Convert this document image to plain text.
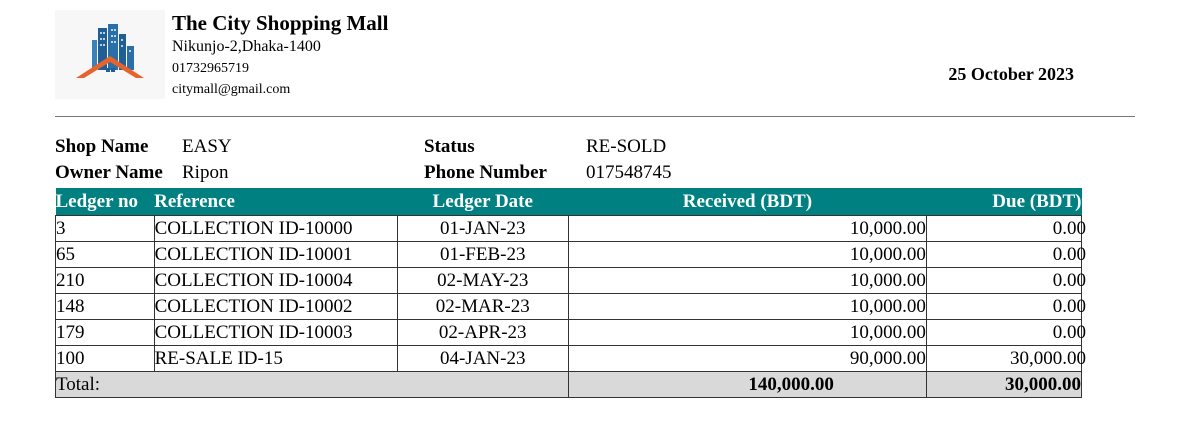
The City Shopping Mall
Nikunjo-2,Dhaka-1400
01732965719
citymall@gmail.com
25 October 2023
Shop Name EASY
Owner Name Ripon
Status	RE-SOLD
Phone Number 017548745
Ledger no	Reference	Ledger Date	Received (BDT)	Due (BDT)
3	COLLECTION ID-10000	01-JAN-23	10,000.00	0.00
65	COLLECTION ID-10001	01-FEB-23	10,000.00	0.00
210	COLLECTION ID-10004	02-MAY-23	10,000.00	0.00
148	COLLECTION ID-10002	02-MAR-23	10,000.00	0.00
179	COLLECTION ID-10003	02-APR-23	10,000.00	0.00
100	RE-SALE ID-15	04-JAN-23	90,000.00	30,000.00
Total:			140,000.00	30,000.00
